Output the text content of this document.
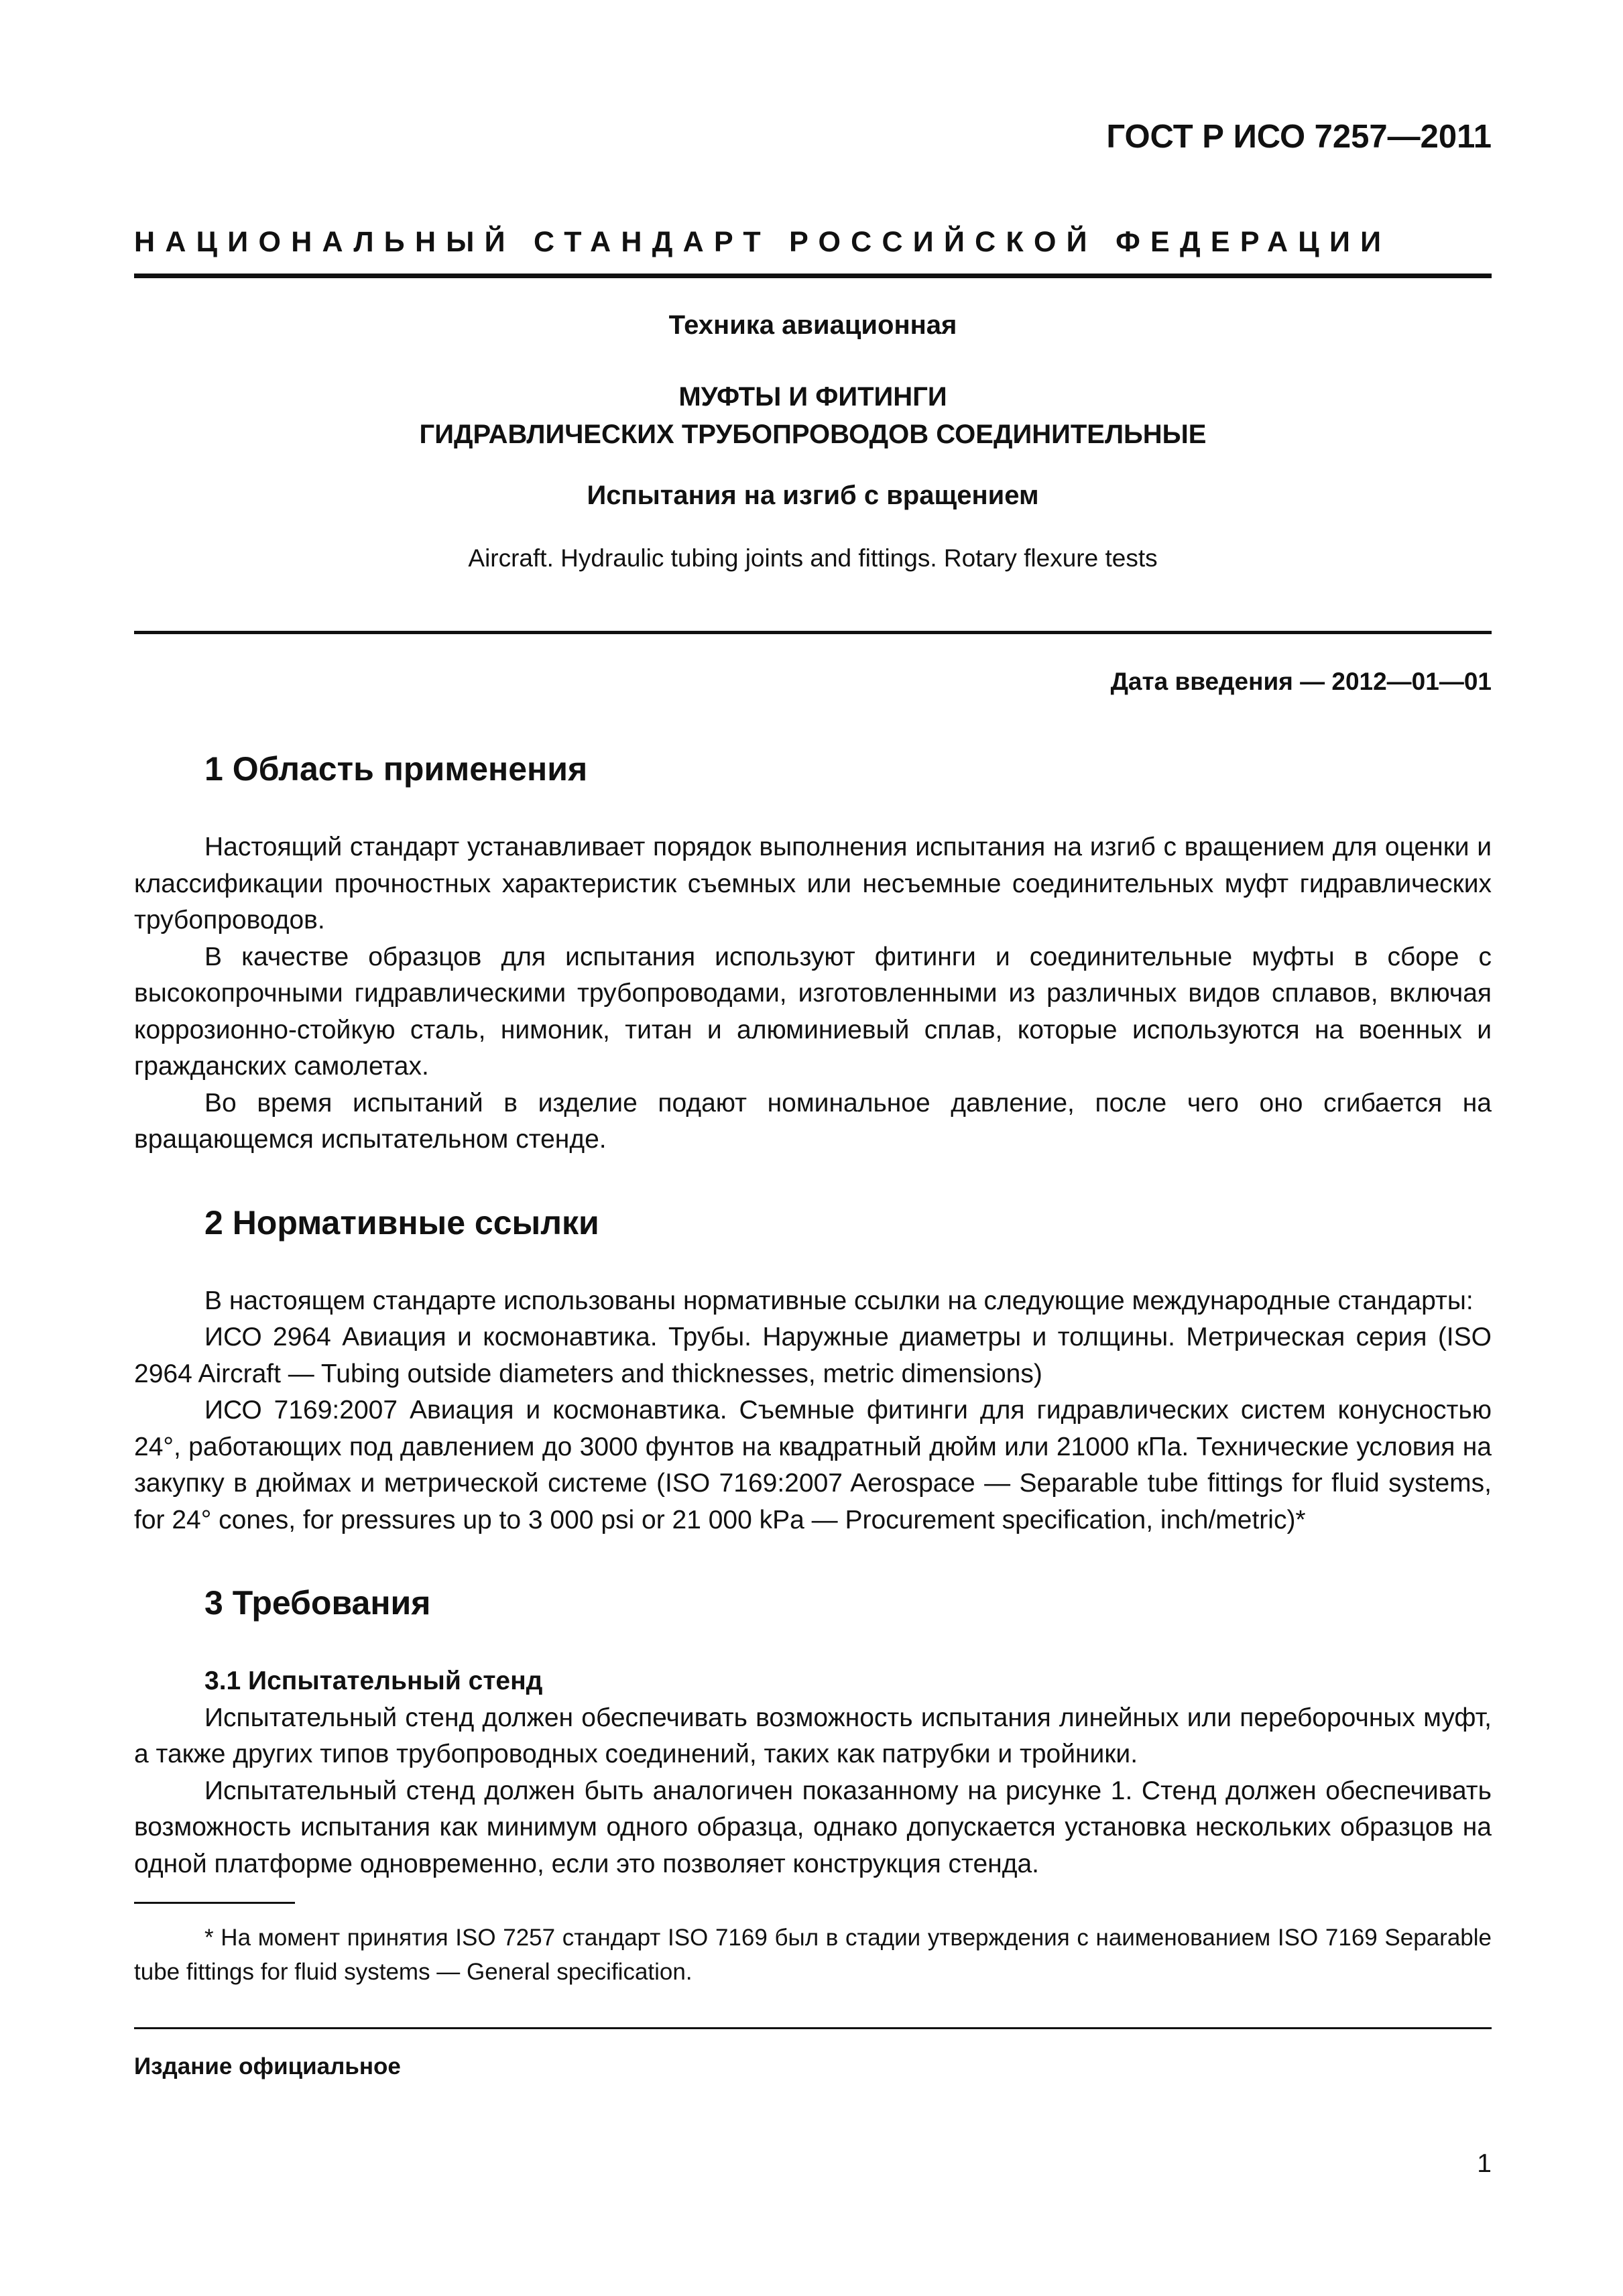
ГОСТ Р ИСО 7257—2011
НАЦИОНАЛЬНЫЙ СТАНДАРТ РОССИЙСКОЙ ФЕДЕРАЦИИ
Техника авиационная
МУФТЫ И ФИТИНГИ
ГИДРАВЛИЧЕСКИХ ТРУБОПРОВОДОВ СОЕДИНИТЕЛЬНЫЕ
Испытания на изгиб с вращением
Aircraft. Hydraulic tubing joints and fittings. Rotary flexure tests
Дата введения — 2012—01—01
1 Область применения

Настоящий стандарт устанавливает порядок выполнения испытания на изгиб с вращением для оценки и классификации прочностных характеристик съемных или несъемные соединительных муфт гидравлических трубопроводов.

В качестве образцов для испытания используют фитинги и соединительные муфты в сборе с высокопрочными гидравлическими трубопроводами, изготовленными из различных видов сплавов, включая коррозионно-стойкую сталь, нимоник, титан и алюминиевый сплав, которые используются на военных и гражданских самолетах.

Во время испытаний в изделие подают номинальное давление, после чего оно сгибается на вращающемся испытательном стенде.

2 Нормативные ссылки

В настоящем стандарте использованы нормативные ссылки на следующие международные стандарты:

ИСО 2964 Авиация и космонавтика. Трубы. Наружные диаметры и толщины. Метрическая серия (ISO 2964 Aircraft — Tubing outside diameters and thicknesses, metric dimensions)

ИСО 7169:2007 Авиация и космонавтика. Съемные фитинги для гидравлических систем конусностью 24°, работающих под давлением до 3000 фунтов на квадратный дюйм или 21000 кПа. Технические условия на закупку в дюймах и метрической системе (ISO 7169:2007 Aerospace — Separable tube fittings for fluid systems, for 24° cones, for pressures up to 3 000 psi or 21 000 kPa — Procurement specification, inch/metric)*

3 Требования
3.1 Испытательный стенд

Испытательный стенд должен обеспечивать возможность испытания линейных или переборочных муфт, а также других типов трубопроводных соединений, таких как патрубки и тройники.

Испытательный стенд должен быть аналогичен показанному на рисунке 1. Стенд должен обеспечивать возможность испытания как минимум одного образца, однако допускается установка нескольких образцов на одной платформе одновременно, если это позволяет конструкция стенда.

* На момент принятия ISO 7257 стандарт ISO 7169 был в стадии утверждения с наименованием ISO 7169 Separable tube fittings for fluid systems — General specification.

Издание официальное
1
